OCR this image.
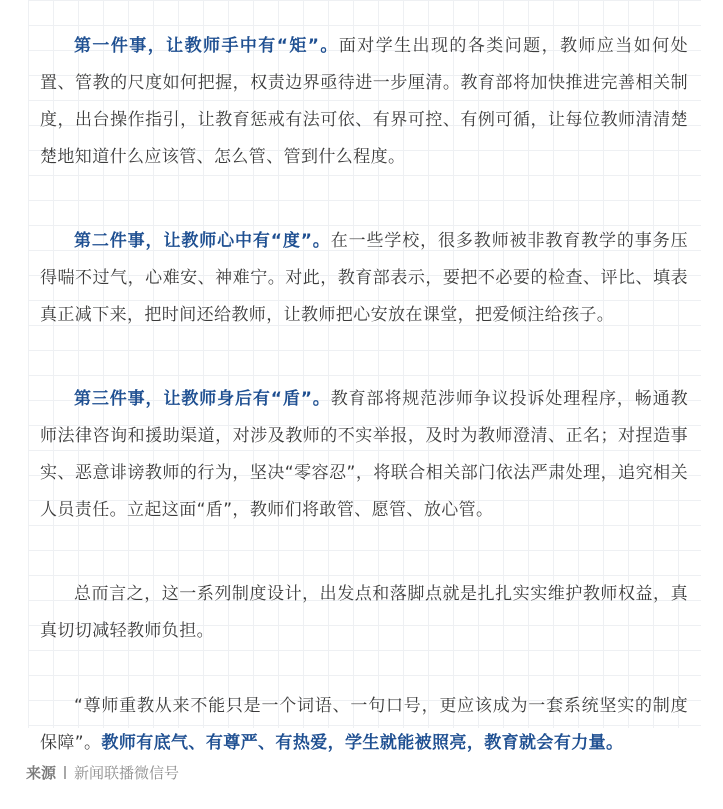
第一件事，让教师手中有“矩”。面对学生出现的各类问题，教师应当如何处置、管教的尺度如何把握，权责边界亟待进一步厘清。教育部将加快推进完善相关制度，出台操作指引，让教育惩戒有法可依、有界可控、有例可循，让每位教师清清楚楚地知道什么应该管、怎么管、管到什么程度。

第二件事，让教师心中有“度”。在一些学校，很多教师被非教育教学的事务压得喘不过气，心难安、神难宁。对此，教育部表示，要把不必要的检查、评比、填表真正减下来，把时间还给教师，让教师把心安放在课堂，把爱倾注给孩子。

第三件事，让教师身后有“盾”。教育部将规范涉师争议投诉处理程序，畅通教师法律咨询和援助渠道，对涉及教师的不实举报，及时为教师澄清、正名；对捏造事实、恶意诽谤教师的行为，坚决“零容忍”，将联合相关部门依法严肃处理，追究相关人员责任。立起这面“盾”，教师们将敢管、愿管、放心管。

总而言之，这一系列制度设计，出发点和落脚点就是扎扎实实维护教师权益，真真切切减轻教师负担。

“尊师重教从来不能只是一个词语、一句口号，更应该成为一套系统坚实的制度保障”。教师有底气、有尊严、有热爱，学生就能被照亮，教育就会有力量。

来源 新闻联播微信号
